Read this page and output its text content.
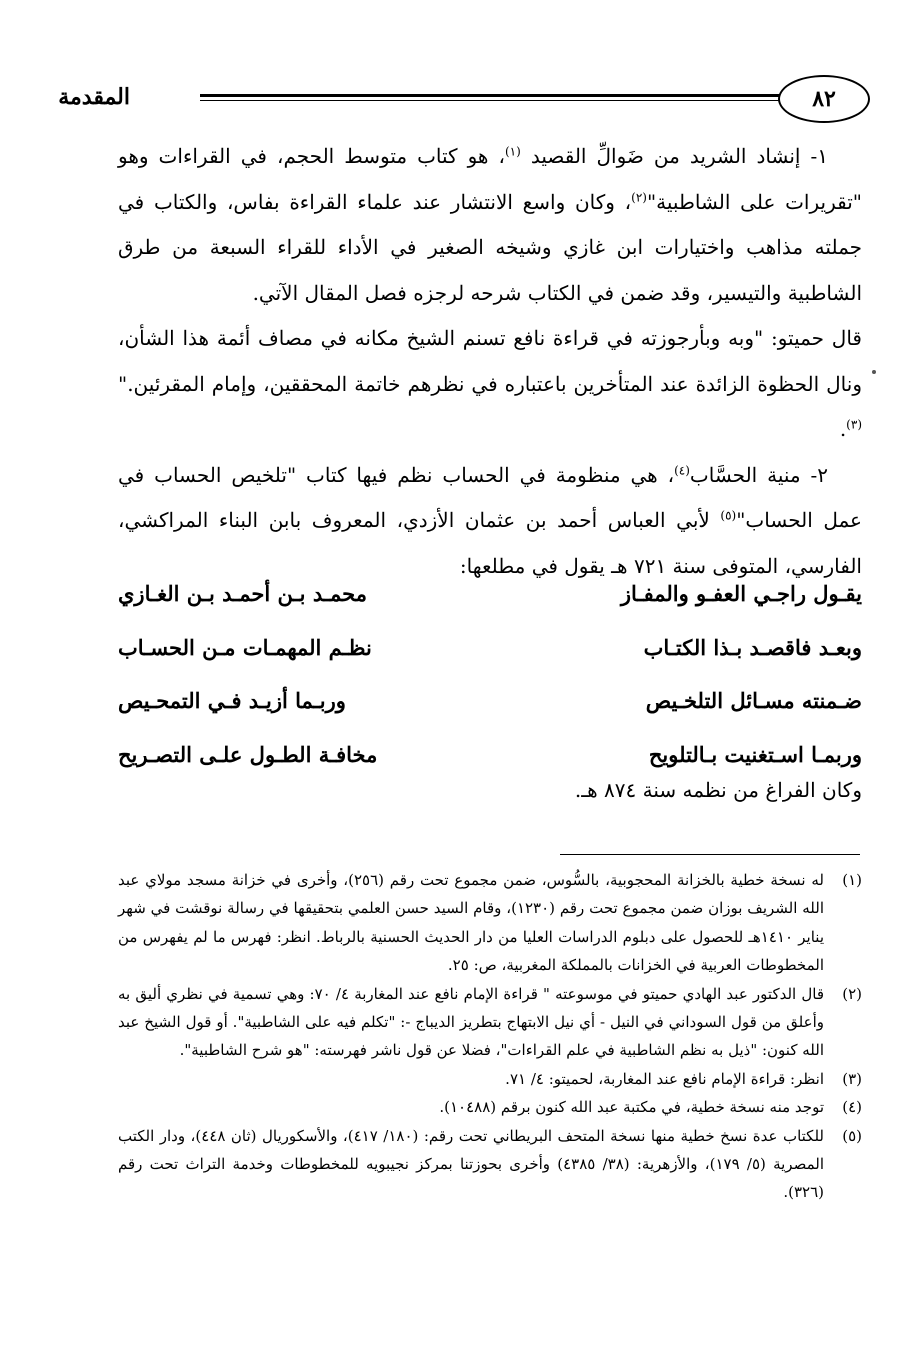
المقدمة	٨٢

١- إنشاد الشريد من ضَوالِّ القصيد $^{(١)}$، هو كتاب متوسط الحجم، في القراءات وهو "تقريرات على الشاطبية"$^{(٢)}$، وكان واسع الانتشار عند علماء القراءة بفاس، والكتاب في جملته مذاهب واختيارات ابن غازي وشيخه الصغير في الأداء للقراء السبعة من طرق الشاطبية والتيسير، وقد ضمن في الكتاب شرحه لرجزه فصل المقال الآتي.

قال حميتو: "وبه وبأرجوزته في قراءة نافع تسنم الشيخ مكانه في مصاف أئمة هذا الشأن، ونال الحظوة الزائدة عند المتأخرين باعتباره في نظرهم خاتمة المحققين، وإمام المقرئين."$^{(٣)}$.

٢- منية الحسَّاب$^{(٤)}$، هي منظومة في الحساب نظم فيها كتاب "تلخيص الحساب في عمل الحساب"$^{(٥)}$ لأبي العباس أحمد بن عثمان الأزدي، المعروف بابن البناء المراكشي، الفارسي، المتوفى سنة ٧٢١ هـ يقول في مطلعها:

يقـول راجـي العفـو والمفـاز
محمـد بـن أحمـد بـن الغـازي
وبعـد فاقصـد بـذا الكتـاب
نظـم المهمـات مـن الحسـاب
ضـمنته مسـائل التلخـيص
وربـما أزيـد فـي التمحـيص
وربمـا اسـتغنيت بـالتلويح
مخافـة الطـول علـى التصـريح
وكان الفراغ من نظمه سنة ٨٧٤ هـ.

(١)له نسخة خطية بالخزانة المحجوبية، بالسُّوس، ضمن مجموع تحت رقم (٢٥٦)، وأخرى في خزانة مسجد مولاي عبد الله الشريف بوزان ضمن مجموع تحت رقم (١٢٣٠)، وقام السيد حسن العلمي بتحقيقها في رسالة نوقشت في شهر يناير ١٤١٠هـ للحصول على دبلوم الدراسات العليا من دار الحديث الحسنية بالرباط. انظر: فهرس ما لم يفهرس من المخطوطات العربية في الخزانات بالمملكة المغربية، ص: ٢٥.

(٢)قال الدكتور عبد الهادي حميتو في موسوعته " قراءة الإمام نافع عند المغاربة ٤/ ٧٠: وهي تسمية في نظري أليق به وأعلق من قول السوداني في النيل - أي نيل الابتهاج بتطريز الديباج -: "تكلم فيه على الشاطبية". أو قول الشيخ عبد الله كنون: "ذيل به نظم الشاطبية في علم القراءات"، فضلا عن قول ناشر فهرسته: "هو شرح الشاطبية".

(٣)انظر: قراءة الإمام نافع عند المغاربة، لحميتو: ٤/ ٧١.

(٤)توجد منه نسخة خطية، في مكتبة عبد الله كنون برقم (١٠٤٨٨).

(٥)للكتاب عدة نسخ خطية منها نسخة المتحف البريطاني تحت رقم: (١٨٠/ ٤١٧)، والأسكوريال (ثان ٤٤٨)، ودار الكتب المصرية (٥/ ١٧٩)، والأزهرية: (٣٨/ ٤٣٨٥) وأخرى بحوزتنا بمركز نجيبويه للمخطوطات وخدمة التراث تحت رقم (٣٢٦).
